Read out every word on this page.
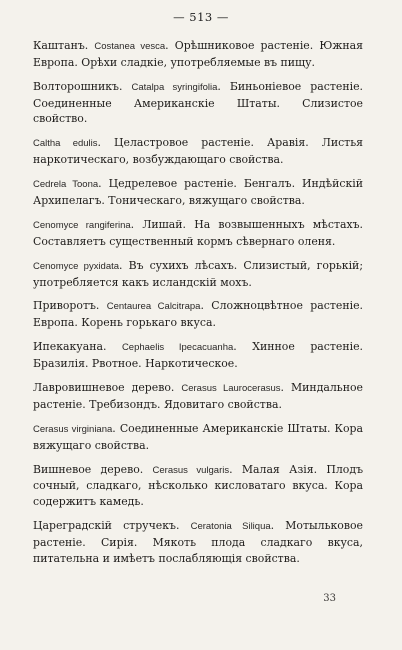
— 513 —

Каштанъ. Costanea vesca. Орѣшниковое растеніе. Южная Европа. Орѣхи сладкіе, употребляемые въ пищу.

Волторошникъ. Catalpa syringifolia. Биньоніевое растеніе. Соединенные Американскіе Штаты. Слизистое свойство.

Caltha edulis. Целастровое растеніе. Аравія. Листья наркотическаго, возбуждающаго свойства.

Cedrela Toona. Цедрелевое растеніе. Бенгалъ. Индѣйскій Архипелагъ. Тоническаго, вяжущаго свойства.

Cenomyce rangiferina. Лишай. На возвышенныхъ мѣстахъ. Составляетъ существенный кормъ сѣвернаго оленя.

Cenomyce pyxidata. Въ сухихъ лѣсахъ. Слизистый, горькій; употребляется какъ исландскій мохъ.

Приворотъ. Centaurea Calcitrapa. Сложноцвѣтное растеніе. Европа. Корень горькаго вкуса.

Ипекакуана. Cephaelis Ipecacuanha. Хинное растеніе. Бразилія. Рвотное. Наркотическое.

Лавровишневое дерево. Cerasus Laurocerasus. Миндальное растеніе. Требизондъ. Ядовитаго свойства.

Cerasus virginiana. Соединенные Американскіе Штаты. Кора вяжущаго свойства.

Вишневое дерево. Cerasus vulgaris. Малая Азія. Плодъ сочный, сладкаго, нѣсколько кисловатаго вкуса. Кора содержитъ камедь.

Цареградскій стручекъ. Ceratonia Siliqua. Мотыльковое растеніе. Сирія. Мякоть плода сладкаго вкуса, питательна и имѣетъ послабляющія свойства.

33
